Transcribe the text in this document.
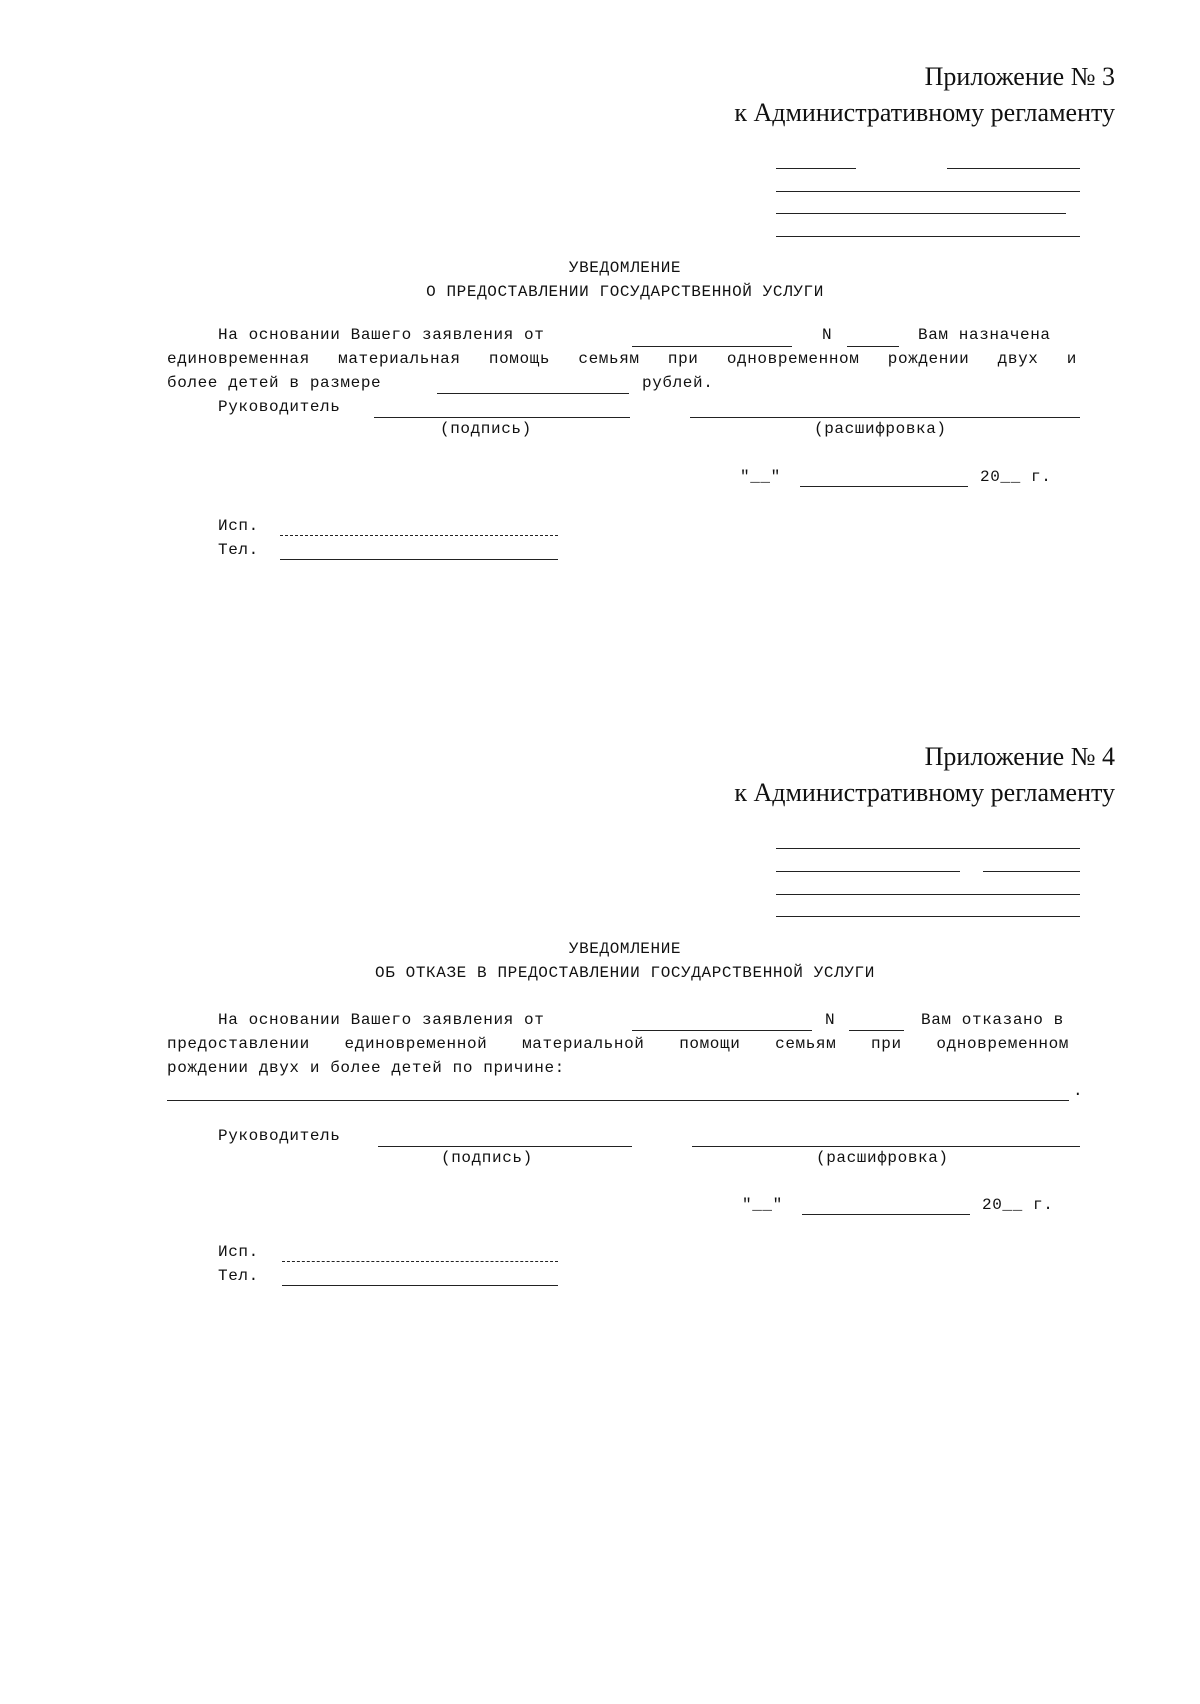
Приложение № 3
к Административному регламенту
УВЕДОМЛЕНИЕ
О ПРЕДОСТАВЛЕНИИ ГОСУДАРСТВЕННОЙ УСЛУГИ
На основании Вашего заявления от	N	Вам назначена
единовременная материальная помощь семьям при одновременном рождении двух и
более детей в размере	рублей.
Руководитель
(подпись)	(расшифровка)
"__"	20__ г.
Исп.
Тел.
Приложение № 4
к Административному регламенту
УВЕДОМЛЕНИЕ
ОБ ОТКАЗЕ В ПРЕДОСТАВЛЕНИИ ГОСУДАРСТВЕННОЙ УСЛУГИ
На основании Вашего заявления от	N	Вам отказано в
предоставлении единовременной материальной помощи семьям при одновременном
рождении двух и более детей по причине:
.
Руководитель
(подпись)	(расшифровка)
"__"	20__ г.
Исп.
Тел.
